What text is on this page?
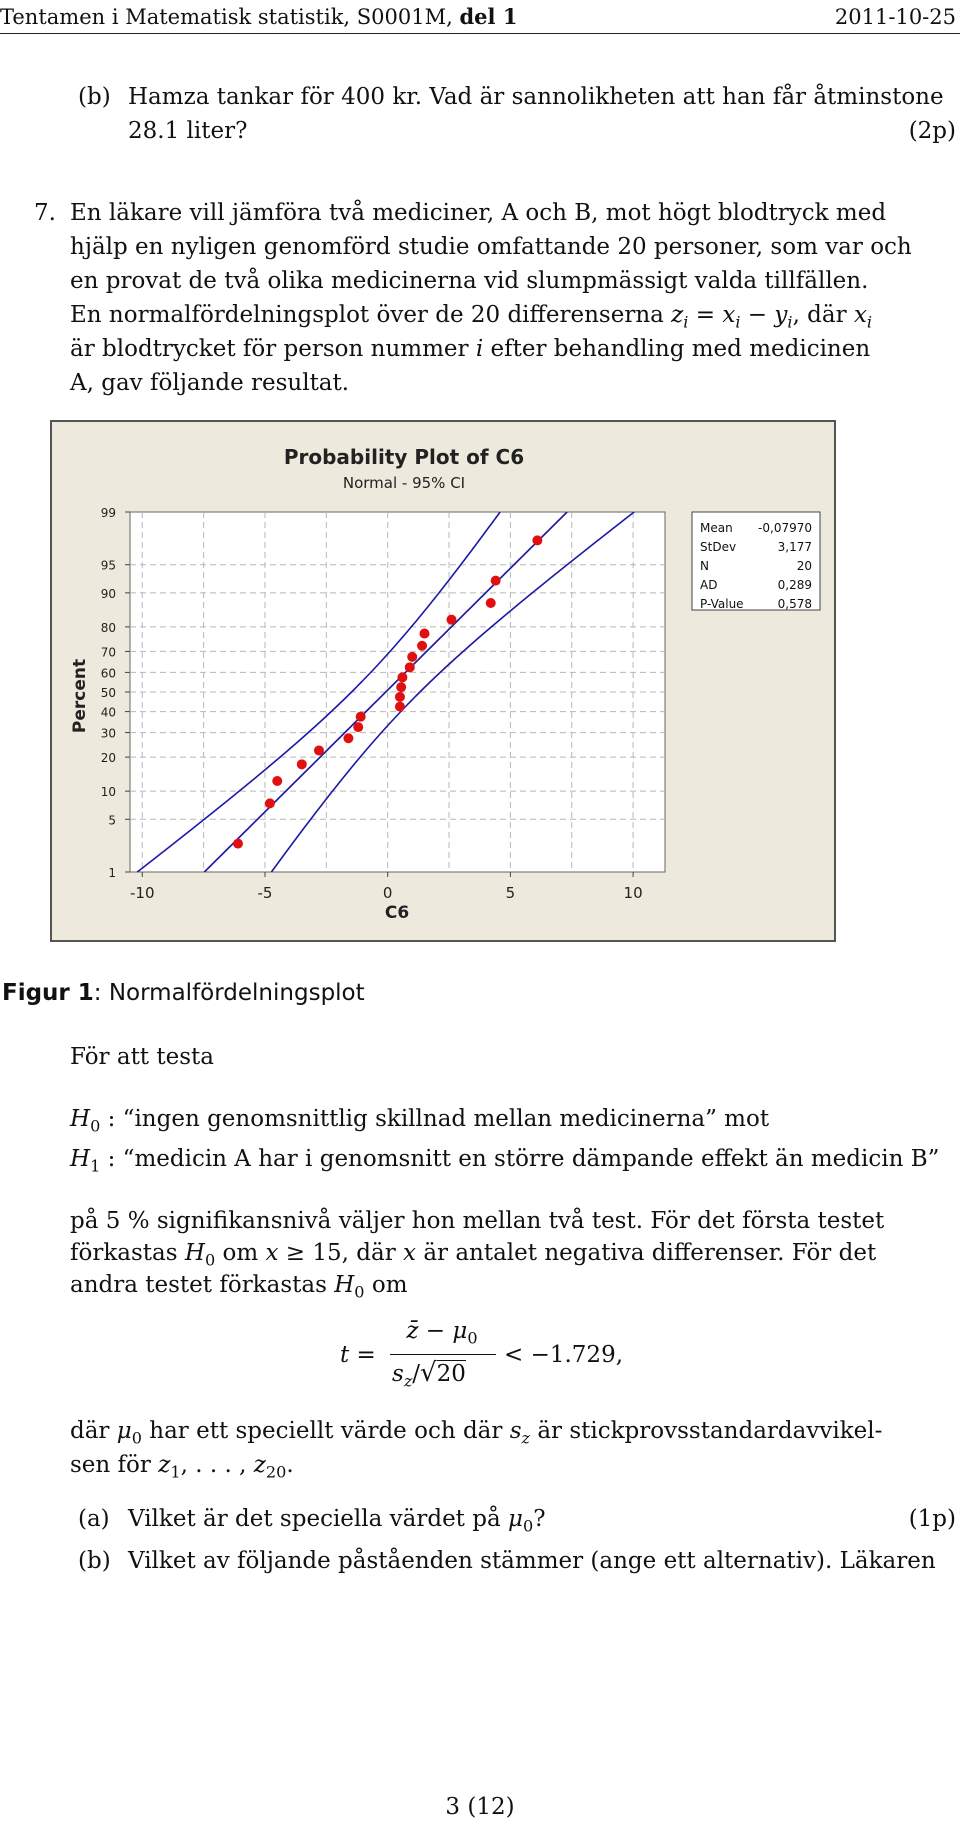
Tentamen i Matematisk statistik, S0001M, del 1	2011-10-25
(b) Hamza tankar för 400 kr. Vad är sannolikheten att han får åtminstone
28.1 liter?	(2p)
7. En läkare vill jämföra två mediciner, A och B, mot högt blodtryck med
hjälp en nyligen genomförd studie omfattande 20 personer, som var och
en provat de två olika medicinerna vid slumpmässigt valda tillfällen.
En normalfördelningsplot över de 20 differenserna $z_i = x_i - y_i$, där $x_i$
är blodtrycket för person nummer i efter behandling med medicinen
A, gav följande resultat.
Probability Plot of C6
Normal - 95% CI
Percent
C6
-10	-5	0	5	10
1
5
10
20
30
40
50
60
70
80
90
95
99
Mean -0,07970
StDev	3,177
N	20
AD	0,289
P-Value	0,578
Figur 1: Normalfördelningsplot
För att testa
$H_0$ : “ingen genomsnittlig skillnad mellan medicinerna” mot
$H_1$ : “medicin A har i genomsnitt en större dämpande effekt än medicin B”
på 5 % signifikansnivå väljer hon mellan två test. För det första testet
förkastas $H_0$ om x ≥ 15, där x är antalet negativa differenser. För det
andra testet förkastas $H_0$ om
t =
z̄ − $\mu_0$
$s_z/√20$
< −1.729,
där $\mu_0$ har ett speciellt värde och där $s_z$ är stickprovsstandardavvikel-
sen för $z_1$, . . . , $z_{20}$.
(a) Vilket är det speciella värdet på $\mu_0$?	(1p)
(b) Vilket av följande påståenden stämmer (ange ett alternativ). Läkaren
3 (12)
